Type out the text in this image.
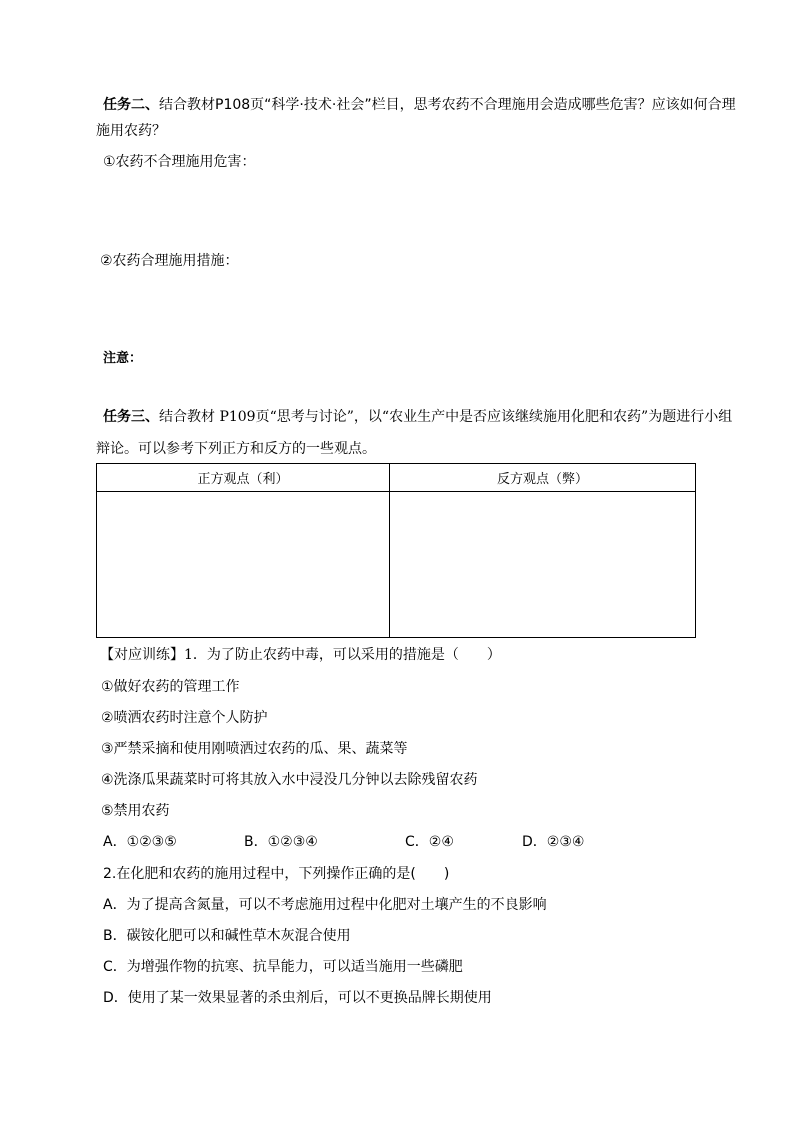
任务二、结合教材P108页“科学·技术·社会”栏目，思考农药不合理施用会造成哪些危害？应该如何合理
施用农药？
①农药不合理施用危害：
②农药合理施用措施：
注意：
任务三、结合教材 P109页“思考与讨论”，以“农业生产中是否应该继续施用化肥和农药”为题进行小组
辩论。可以参考下列正方和反方的一些观点。
正方观点（利）	反方观点（弊）

【对应训练】1．为了防止农药中毒，可以采用的措施是（　　）
①做好农药的管理工作
②喷洒农药时注意个人防护
③严禁采摘和使用刚喷洒过农药的瓜、果、蔬菜等
④洗涤瓜果蔬菜时可将其放入水中浸没几分钟以去除残留农药
⑤禁用农药
A．①②③⑤	B．①②③④	C．②④	D．②③④
2.在化肥和农药的施用过程中，下列操作正确的是(　　)
A．为了提高含氮量，可以不考虑施用过程中化肥对土壤产生的不良影响
B．碳铵化肥可以和碱性草木灰混合使用
C．为增强作物的抗寒、抗旱能力，可以适当施用一些磷肥
D．使用了某一效果显著的杀虫剂后，可以不更换品牌长期使用
